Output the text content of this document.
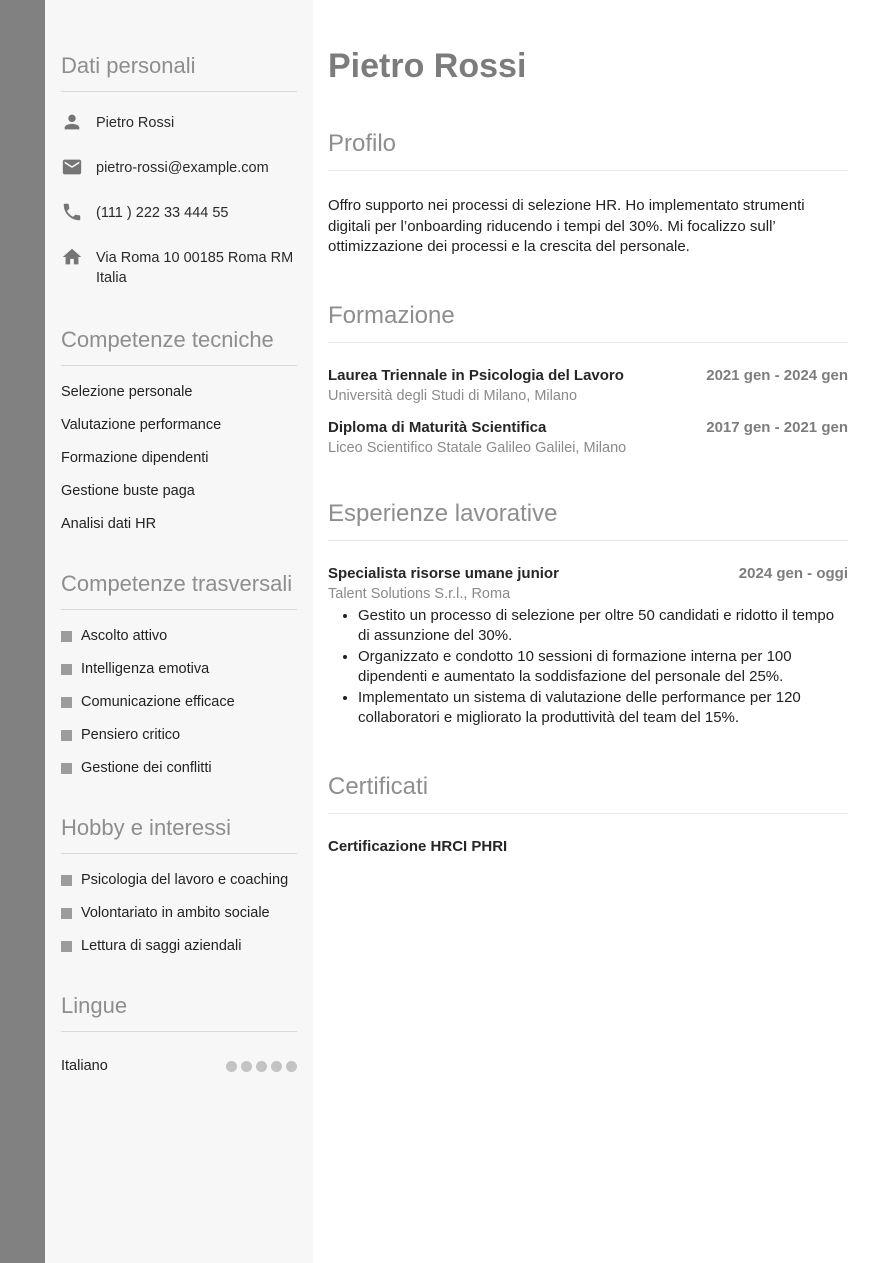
Dati personali
Pietro Rossi
pietro-rossi@example.com
(111 ) 222 33 444 55
Via Roma 10 00185 Roma RM Italia
Competenze tecniche
Selezione personale
Valutazione performance
Formazione dipendenti
Gestione buste paga
Analisi dati HR
Competenze trasversali
Ascolto attivo
Intelligenza emotiva
Comunicazione efficace
Pensiero critico
Gestione dei conflitti
Hobby e interessi
Psicologia del lavoro e coaching
Volontariato in ambito sociale
Lettura di saggi aziendali
Lingue
Italiano
Pietro Rossi
Profilo

Offro supporto nei processi di selezione HR. Ho implementato strumenti digitali per l’onboarding riducendo i tempi del 30%. Mi focalizzo sull’ ottimizzazione dei processi e la crescita del personale.

Formazione
Laurea Triennale in Psicologia del Lavoro	2021 gen - 2024 gen
Università degli Studi di Milano, Milano
Diploma di Maturità Scientifica	2017 gen - 2021 gen
Liceo Scientifico Statale Galileo Galilei, Milano
Esperienze lavorative
Specialista risorse umane junior	2024 gen - oggi
Talent Solutions S.r.l., Roma
• Gestito un processo di selezione per oltre 50 candidati e ridotto il tempo di assunzione del 30%.
• Organizzato e condotto 10 sessioni di formazione interna per 100 dipendenti e aumentato la soddisfazione del personale del 25%.
• Implementato un sistema di valutazione delle performance per 120 collaboratori e migliorato la produttività del team del 15%.
Certificati

Certificazione HRCI PHRI
